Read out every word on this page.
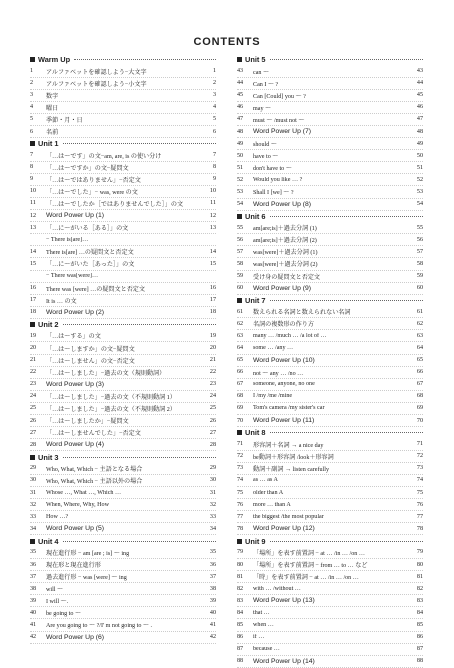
CONTENTS
Warm Up
1	アルファベットを確認しよう−大文字	1
2	アルファベットを確認しよう−小文字	2
3	数字	3
4	曜日	4
5	季節・月・日	5
6	名前	6
Unit 1
7	「…は〜です」の文−am, are, is の使い分け	7
8	「…は〜ですか」の文−疑問文	8
9	「…は〜ではありません」−否定文	9
10	「…は〜でした」− was, were の文	10
11	「…は〜でしたか［ではありませんでした］」の文	11
12	Word Power Up (1)	12
13	「…に〜がいる［ある］」の文	13
− There is[are]…
14	There is[are] …の疑問文と否定文	14
15	「…に〜がいた［あった］」の文	15
− There was[were]…
16	There was [were] …の疑問文と否定文	16
17	It is … の文	17
18	Word Power Up (2)	18
Unit 2
19	「…は〜する」の文	19
20	「…は〜しますか」の文−疑問文	20
21	「…は〜しません」の文−否定文	21
22	「…は〜しました」−過去の文（規則動詞）	22
23	Word Power Up (3)	23
24	「…は〜しました」−過去の文（不規則動詞 1）	24
25	「…は〜しました」−過去の文（不規則動詞 2）	25
26	「…は〜しましたか」−疑問文	26
27	「…は〜しませんでした」−否定文	27
28	Word Power Up (4)	28
Unit 3
29	Who, What, Which − 主語となる場合	29
30	Who, What, Which − 主語以外の場合	30
31	Whose …, What …, Which …	31
32	When, Where, Why, How	32
33	How …?	33
34	Word Power Up (5)	34
Unit 4
35	現在進行形 − am [are ; is] 〜 ing	35
36	現在形と現在進行形	36
37	過去進行形 − was [were] 〜 ing	37
38	will 〜	38
39	I will 〜.	39
40	be going to 〜	40
41	Are you going to 〜 ?/I' m not going to 〜 .	41
42	Word Power Up (6)	42
Unit 5
43	can 〜	43
44	Can I 〜 ?	44
45	Can [Could] you 〜 ?	45
46	may 〜	46
47	must 〜 /must not 〜	47
48	Word Power Up (7)	48
49	should 〜	49
50	have to 〜	50
51	don't have to 〜	51
52	Would you like … ?	52
53	Shall I [we] 〜 ?	53
54	Word Power Up (8)	54
Unit 6
55	am[are;is]＋過去分詞 (1)	55
56	am[are;is]＋過去分詞 (2)	56
57	was[were]＋過去分詞 (1)	57
58	was[were]＋過去分詞 (2)	58
59	受け身の疑問文と否定文	59
60	Word Power Up (9)	60
Unit 7
61	数えられる名詞と数えられない名詞	61
62	名詞の複数形の作り方	62
63	many … /much … /a lot of …	63
64	some … /any …	64
65	Word Power Up (10)	65
66	not 〜 any … /no …	66
67	someone, anyone, no one	67
68	I /my /me /mine	68
69	Tom's camera /my sister's car	69
70	Word Power Up (11)	70
Unit 8
71	形容詞＋名詞 → a nice day	71
72	be動詞＋形容詞 /look＋形容詞	72
73	動詞＋副詞 → listen carefully	73
74	as … as A	74
75	older than A	75
76	more … than A	76
77	the biggest /the most popular	77
78	Word Power Up (12)	78
Unit 9
79	「場所」を表す前置詞 − at … /in … /on …	79
80	「場所」を表す前置詞 − from … to … など	80
81	「時」を表す前置詞 − at … /in … /on …	81
82	with … /without …	82
83	Word Power Up (13)	83
84	that …	84
85	when …	85
86	if …	86
87	because …	87
88	Word Power Up (14)	88
